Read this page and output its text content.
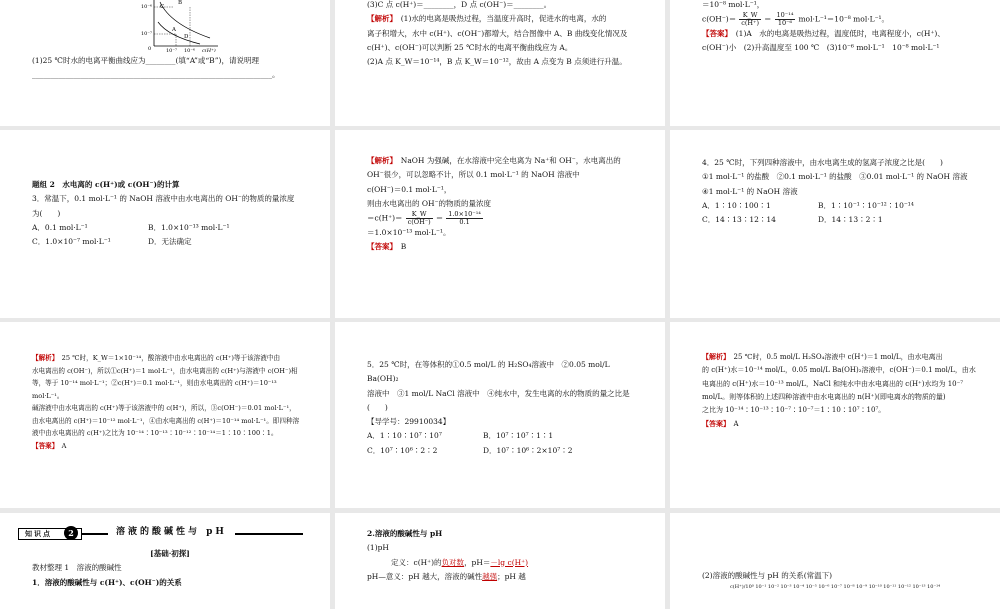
10⁻⁶
10⁻⁷
0	10⁻⁷ 10⁻⁶ c(H⁺)
B
C
A
D

(1)25 ℃时水的电离平衡曲线应为________(填“A”或“B”)，请说明理

________________________________________________________________。

(3)C 点 c(H⁺)＝________，D 点 c(OH⁻)＝________。

【解析】　 (1)水的电离是吸热过程，当温度升高时，促进水的电离，水的

离子积增大，水中 c(H⁺)、c(OH⁻)都增大，结合图像中 A、B 曲线变化情况及

c(H⁺)、c(OH⁻)可以判断 25 ℃时水的电离平衡曲线应为 A。

(2)A 点 K_W＝10⁻¹⁴，B 点 K_W＝10⁻¹²，故由 A 点变为 B 点须进行升温。

＝10⁻⁸ mol·L⁻¹，

$c(OH^-)= \frac{K\_W}{c(H^+)} = \frac{\text{10⁻¹⁴}}{\text{10⁻⁶}} mol\cdot L^{-1}=10^{-8}$ mol·L⁻¹。

【答案】　 (1)A　水的电离是吸热过程，温度低时，电离程度小，c(H⁺)、

c(OH⁻)小　(2)升高温度至 100 ℃　(3)10⁻⁶ mol·L⁻¹　10⁻⁸ mol·L⁻¹

题组 2　水电离的 c(H⁺)或 c(OH⁻)的计算

3．常温下，0.1 mol·L⁻¹ 的 NaOH 溶液中由水电离出的 OH⁻的物质的量浓度

为(　　)

A．0.1 mol·L⁻¹	B．1.0×10⁻¹³ mol·L⁻¹
C．1.0×10⁻⁷ mol·L⁻¹	D．无法确定

【解析】　 NaOH 为强碱，在水溶液中完全电离为 Na⁺和 OH⁻，水电离出的

OH⁻很少，可以忽略不计，所以 0.1 mol·L⁻¹ 的 NaOH 溶液中

c(OH⁻)＝0.1 mol·L⁻¹，

则由水电离出的 OH⁻的物质的量浓度

$=c(H^+)= \frac{K\_W}{c(OH^-)} = \frac{\text{1.0×10⁻¹⁴}}{0.1}$

＝1.0×10⁻¹³ mol·L⁻¹。

【答案】　 B

4．25 ℃时，下列四种溶液中，由水电离生成的氢离子浓度之比是(　　)

①1 mol·L⁻¹ 的盐酸　②0.1 mol·L⁻¹ 的盐酸　③0.01 mol·L⁻¹ 的 NaOH 溶液

④1 mol·L⁻¹ 的 NaOH 溶液

A．1∶10∶100∶1	B．1∶10⁻¹∶10⁻¹²∶10⁻¹⁴
C．14∶13∶12∶14	D．14∶13∶2∶1

【解析】　 25 ℃时，K_W＝1×10⁻¹⁴，酸溶液中由水电离出的 c(H⁺)等于该溶液中由

水电离出的 c(OH⁻)，所以①c(H⁺)＝1 mol·L⁻¹，由水电离出的 c(H⁺)与溶液中 c(OH⁻)相

等，等于 10⁻¹⁴ mol·L⁻¹；②c(H⁺)＝0.1 mol·L⁻¹，则由水电离出的 c(H⁺)＝10⁻¹³ mol·L⁻¹。

碱溶液中由水电离出的 c(H⁺)等于该溶液中的 c(H⁺)，所以，③c(OH⁻)＝0.01 mol·L⁻¹，

由水电离出的 c(H⁺)＝10⁻¹² mol·L⁻¹，④由水电离出的 c(H⁺)＝10⁻¹⁴ mol·L⁻¹。即四种溶

液中由水电离出的 c(H⁺)之比为 10⁻¹⁴∶10⁻¹³∶10⁻¹²∶10⁻¹⁴＝1∶10∶100∶1。

【答案】　 A

5．25 ℃时，在等体积的①0.5 mol/L 的 H₂SO₄溶液中　②0.05 mol/L Ba(OH)₂

溶液中　③1 mol/L NaCl 溶液中　④纯水中，发生电离的水的物质的量之比是

(　　)

【导学号：29910034】

A．1∶10∶10⁷∶10⁷	B．10⁷∶10⁷∶1∶1
C．10⁷∶10⁶∶2∶2	D．10⁷∶10⁶∶2×10⁷∶2

【解析】　 25 ℃时，0.5 mol/L H₂SO₄溶液中 c(H⁺)＝1 mol/L，由水电离出

的 c(H⁺)水＝10⁻¹⁴ mol/L，0.05 mol/L Ba(OH)₂溶液中，c(OH⁻)＝0.1 mol/L，由水

电离出的 c(H⁺)水＝10⁻¹³ mol/L，NaCl 和纯水中由水电离出的 c(H⁺)水均为 10⁻⁷

mol/L。则等体积的上述四种溶液中由水电离出的 n(H⁺)(即电离水的物质的量)

之比为 10⁻¹⁴∶10⁻¹³∶10⁻⁷∶10⁻⁷＝1∶10∶10⁷∶10⁷。

【答案】　 A

知识点	2	溶液的酸碱性与 pH

[基础·初探]

教材整理 1　溶液的酸碱性

1．溶液的酸碱性与 c(H⁺)、c(OH⁻)的关系

2.溶液的酸碱性与 pH

(1)pH

定义：c(H⁺)的负对数，pH＝－lg c(H⁺)

pH—意义：pH 越大，溶液的碱性越强；pH 越	(2)溶液的酸碱性与 pH 的关系(常温下)

c(H⁺)/10⁰ 10⁻¹ 10⁻² 10⁻³ 10⁻⁴ 10⁻⁵ 10⁻⁶ 10⁻⁷ 10⁻⁸ 10⁻⁹ 10⁻¹⁰ 10⁻¹¹ 10⁻¹² 10⁻¹³ 10⁻¹⁴
